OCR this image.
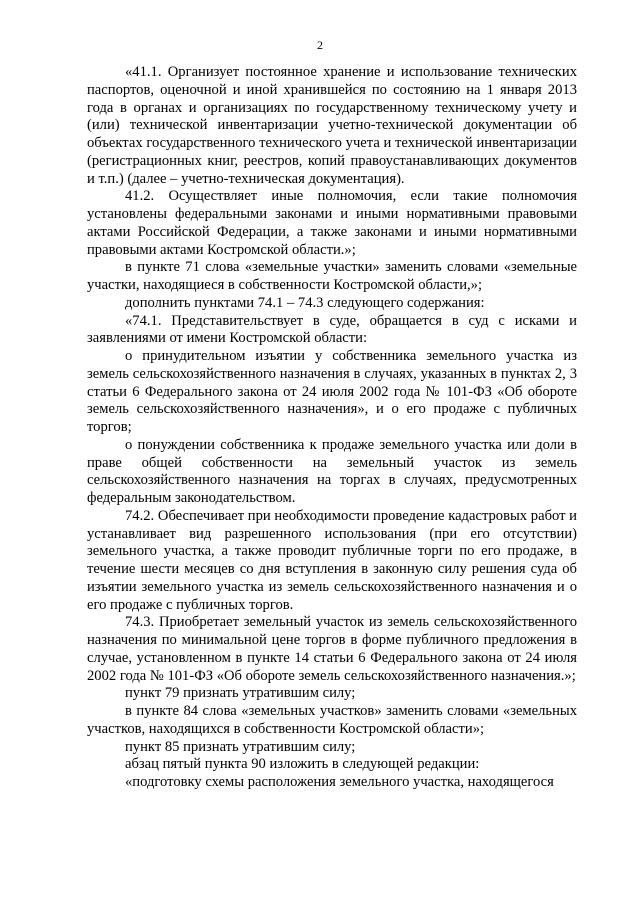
2

«41.1. Организует постоянное хранение и использование технических паспортов, оценочной и иной хранившейся по состоянию на 1 января 2013 года в органах и организациях по государственному техническому учету и (или) технической инвентаризации учетно-технической документации об объектах государственного технического учета и технической инвентаризации (регистрационных книг, реестров, копий правоустанавливающих документов и т.п.) (далее – учетно-техническая документация).

41.2. Осуществляет иные полномочия, если такие полномочия установлены федеральными законами и иными нормативными правовыми актами Российской Федерации, а также законами и иными нормативными правовыми актами Костромской области.»;

в пункте 71 слова «земельные участки» заменить словами «земельные участки, находящиеся в собственности Костромской области,»;

дополнить пунктами 74.1 – 74.3 следующего содержания:

«74.1. Представительствует в суде, обращается в суд с исками и заявлениями от имени Костромской области:

о принудительном изъятии у собственника земельного участка из земель сельскохозяйственного назначения в случаях, указанных в пунктах 2, 3 статьи 6 Федерального закона от 24 июля 2002 года № 101-ФЗ «Об обороте земель сельскохозяйственного назначения», и о его продаже с публичных торгов;

о понуждении собственника к продаже земельного участка или доли в праве общей собственности на земельный участок из земель сельскохозяйственного назначения на торгах в случаях, предусмотренных федеральным законодательством.

74.2. Обеспечивает при необходимости проведение кадастровых работ и устанавливает вид разрешенного использования (при его отсутствии) земельного участка, а также проводит публичные торги по его продаже, в течение шести месяцев со дня вступления в законную силу решения суда об изъятии земельного участка из земель сельскохозяйственного назначения и о его продаже с публичных торгов.

74.3. Приобретает земельный участок из земель сельскохозяйственного назначения по минимальной цене торгов в форме публичного предложения в случае, установленном в пункте 14 статьи 6 Федерального закона от 24 июля 2002 года № 101-ФЗ «Об обороте земель сельскохозяйственного назначения.»;

пункт 79 признать утратившим силу;

в пункте 84 слова «земельных участков» заменить словами «земельных участков, находящихся в собственности Костромской области»;

пункт 85 признать утратившим силу;

абзац пятый пункта 90 изложить в следующей редакции:

«подготовку схемы расположения земельного участка, находящегося
